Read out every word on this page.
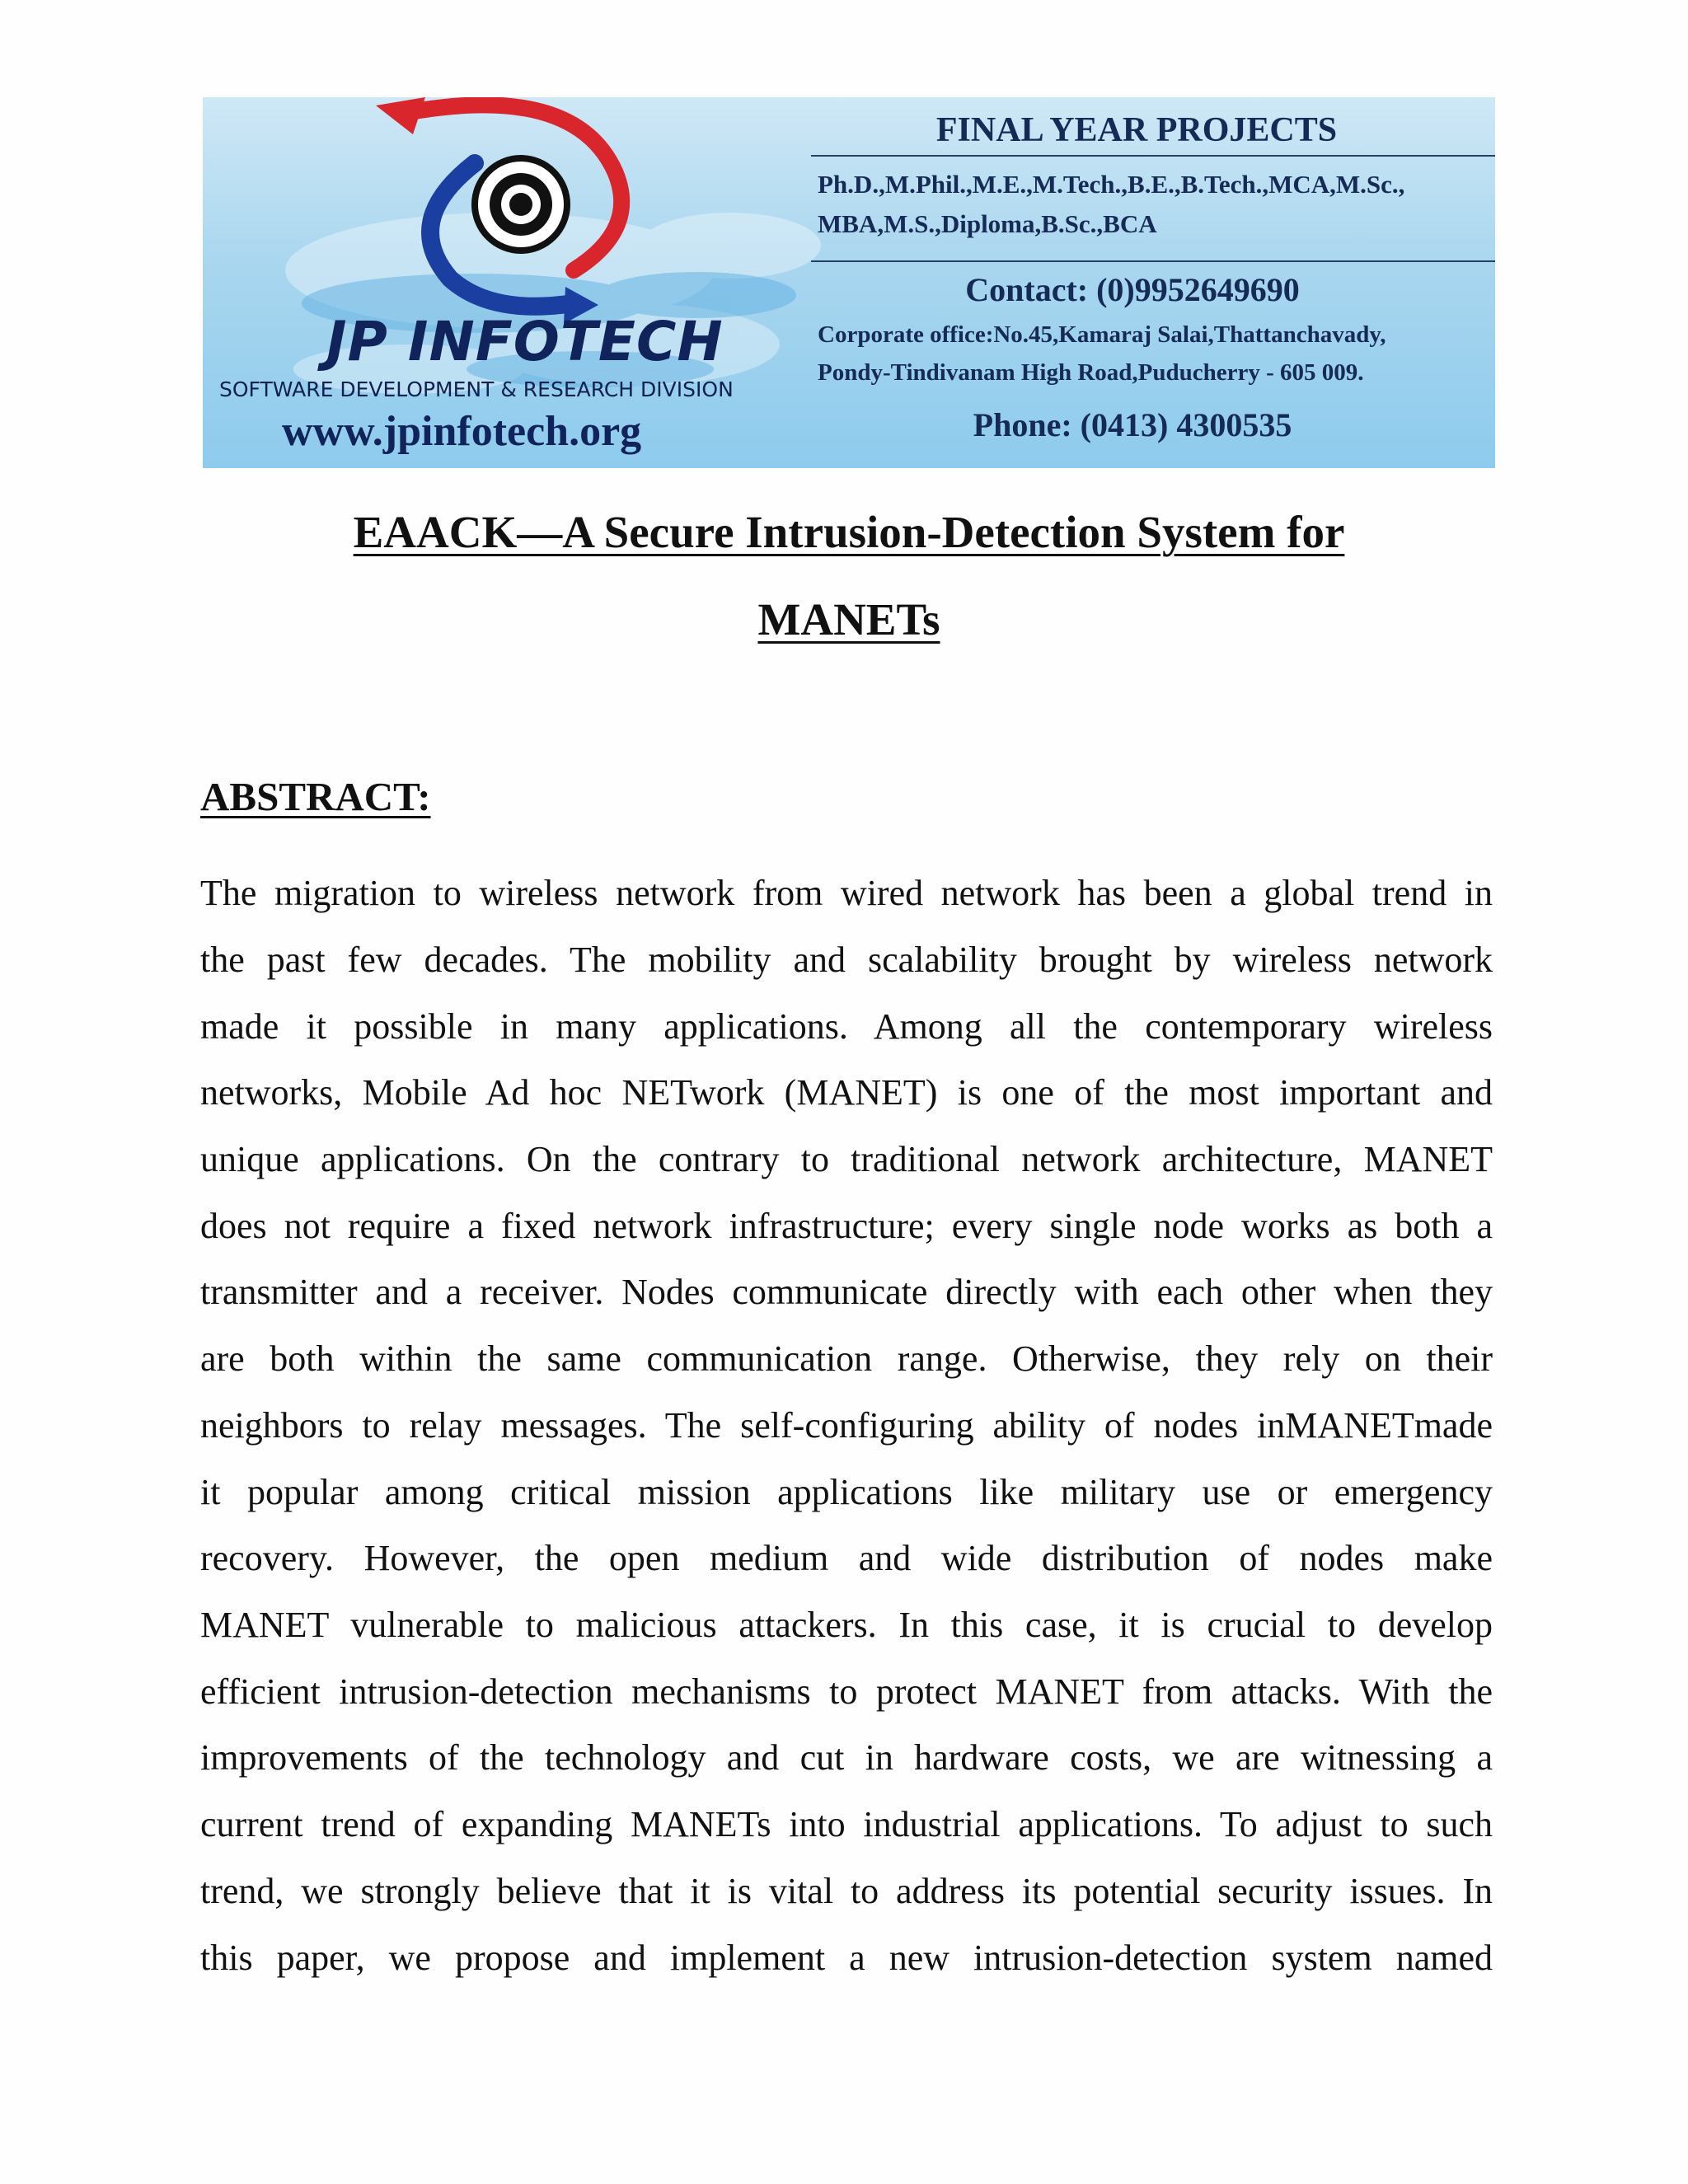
JP INFOTECH
SOFTWARE DEVELOPMENT & RESEARCH DIVISION
www.jpinfotech.org
FINAL YEAR PROJECTS
Ph.D.,M.Phil.,M.E.,M.Tech.,B.E.,B.Tech.,MCA,M.Sc.,
MBA,M.S.,Diploma,B.Sc.,BCA
Contact: (0)9952649690
Corporate office:No.45,Kamaraj Salai,Thattanchavady,
Pondy-Tindivanam High Road,Puducherry - 605 009.
Phone: (0413) 4300535
EAACK—A Secure Intrusion-Detection System for
MANETs
ABSTRACT:
The migration to wireless network from wired network has been a global trend in
the past few decades. The mobility and scalability brought by wireless network
made it possible in many applications. Among all the contemporary wireless
networks, Mobile Ad hoc NETwork (MANET) is one of the most important and
unique applications. On the contrary to traditional network architecture, MANET
does not require a fixed network infrastructure; every single node works as both a
transmitter and a receiver. Nodes communicate directly with each other when they
are both within the same communication range. Otherwise, they rely on their
neighbors to relay messages. The self-configuring ability of nodes inMANETmade
it popular among critical mission applications like military use or emergency
recovery. However, the open medium and wide distribution of nodes make
MANET vulnerable to malicious attackers. In this case, it is crucial to develop
efficient intrusion-detection mechanisms to protect MANET from attacks. With the
improvements of the technology and cut in hardware costs, we are witnessing a
current trend of expanding MANETs into industrial applications. To adjust to such
trend, we strongly believe that it is vital to address its potential security issues. In
this paper, we propose and implement a new intrusion-detection system named
